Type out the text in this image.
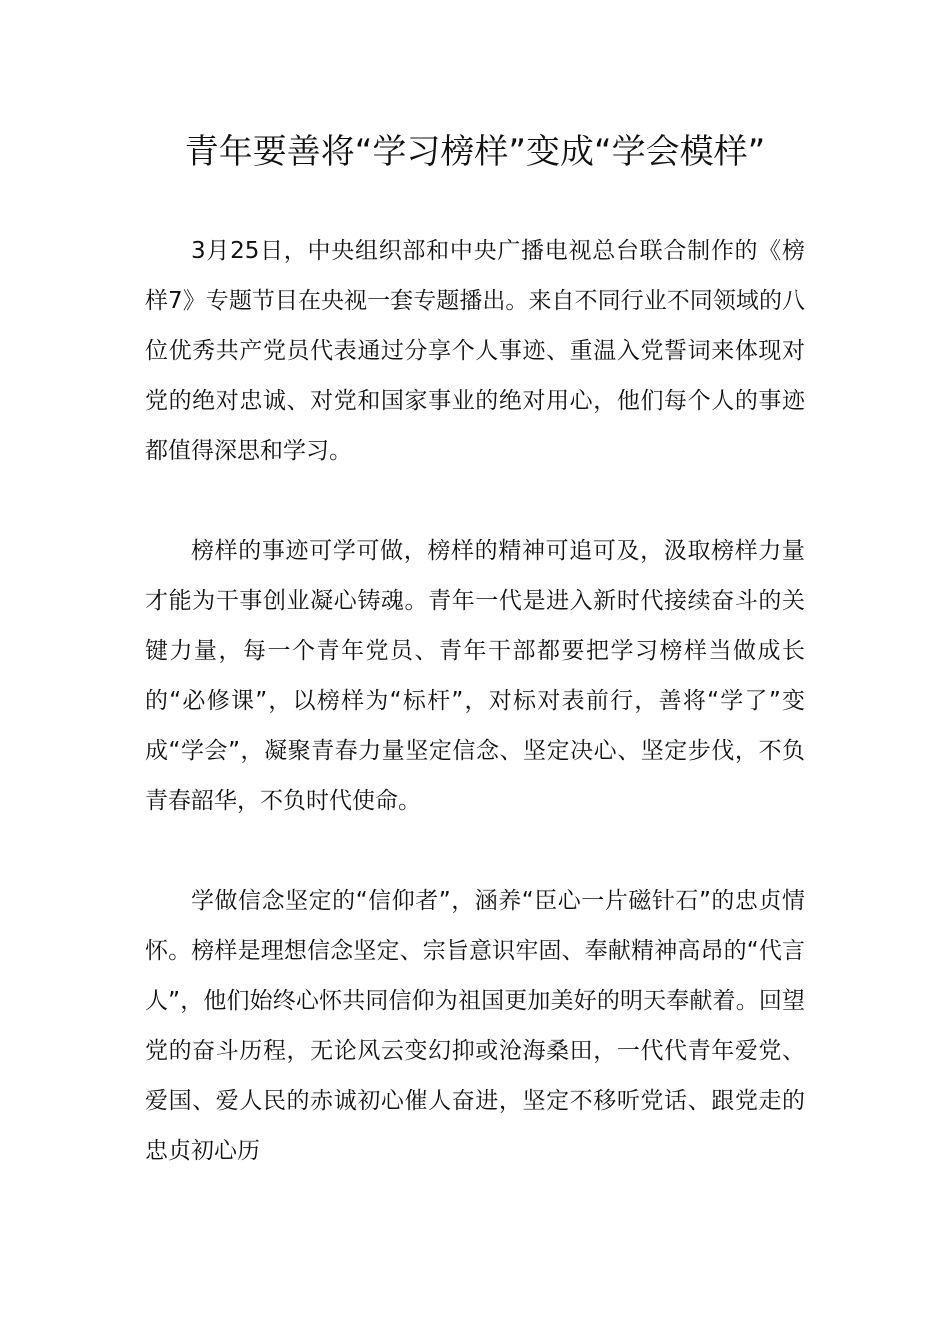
青年要善将“学习榜样”变成“学会模样”

3月25日，中央组织部和中央广播电视总台联合制作的《榜样7》专题节目在央视一套专题播出。来自不同行业不同领域的八位优秀共产党员代表通过分享个人事迹、重温入党誓词来体现对党的绝对忠诚、对党和国家事业的绝对用心，他们每个人的事迹都值得深思和学习。

榜样的事迹可学可做，榜样的精神可追可及，汲取榜样力量才能为干事创业凝心铸魂。青年一代是进入新时代接续奋斗的关键力量，每一个青年党员、青年干部都要把学习榜样当做成长的“必修课”，以榜样为“标杆”，对标对表前行，善将“学了”变成“学会”，凝聚青春力量坚定信念、坚定决心、坚定步伐，不负青春韶华，不负时代使命。

学做信念坚定的“信仰者”，涵养“臣心一片磁针石”的忠贞情怀。榜样是理想信念坚定、宗旨意识牢固、奉献精神高昂的“代言人”，他们始终心怀共同信仰为祖国更加美好的明天奉献着。回望党的奋斗历程，无论风云变幻抑或沧海桑田，一代代青年爱党、爱国、爱人民的赤诚初心催人奋进，坚定不移听党话、跟党走的忠贞初心历
